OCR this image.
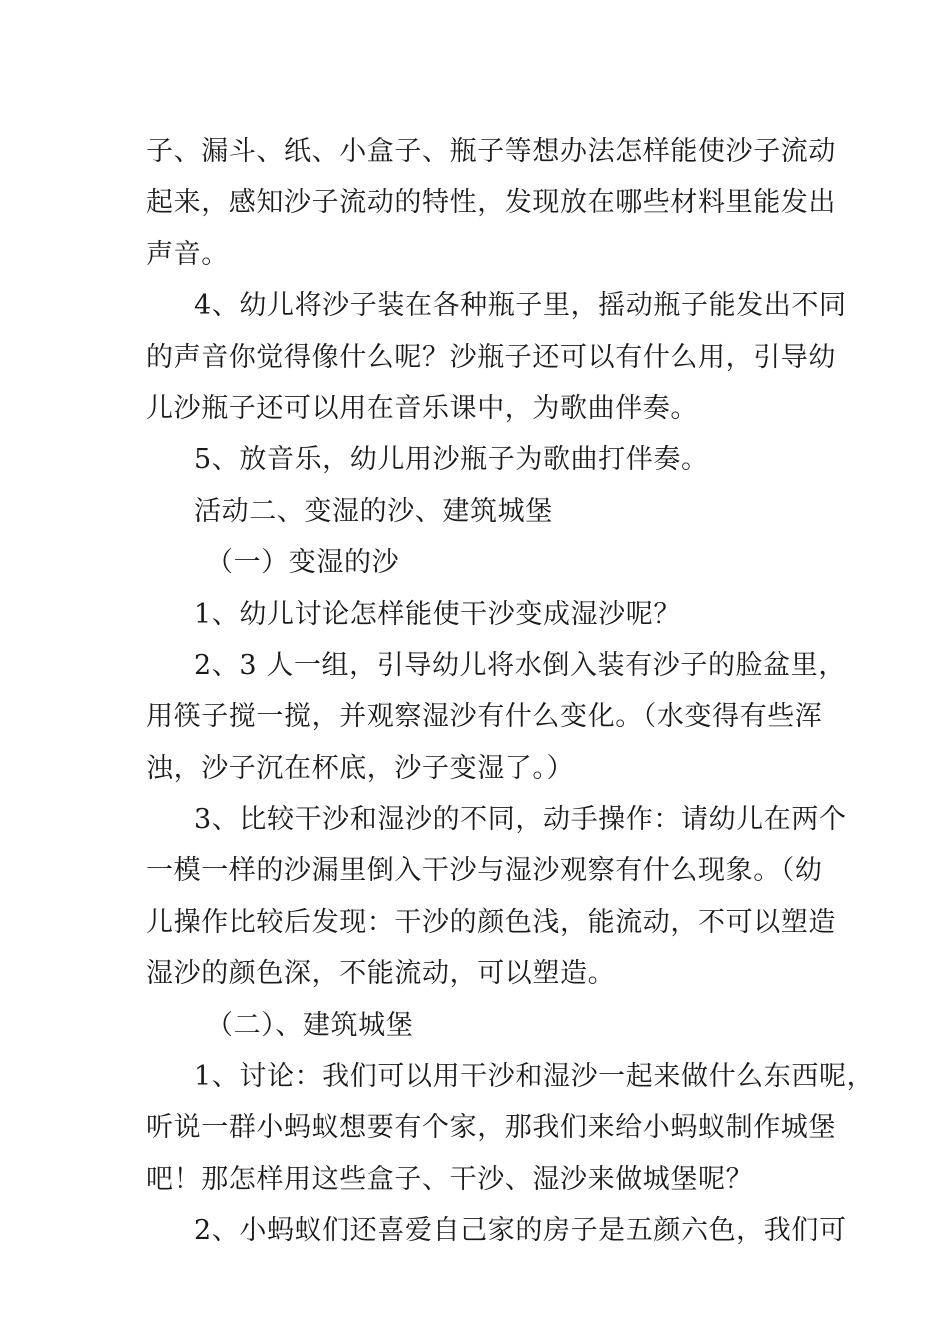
子、漏斗、纸、小盒子、瓶子等想办法怎样能使沙子流动
起来，感知沙子流动的特性，发现放在哪些材料里能发出
声音。
4、幼儿将沙子装在各种瓶子里，摇动瓶子能发出不同
的声音你觉得像什么呢？沙瓶子还可以有什么用，引导幼
儿沙瓶子还可以用在音乐课中，为歌曲伴奏。
5、放音乐，幼儿用沙瓶子为歌曲打伴奏。
活动二、变湿的沙、建筑城堡
（一）变湿的沙
1、幼儿讨论怎样能使干沙变成湿沙呢？
2、3 人一组，引导幼儿将水倒入装有沙子的脸盆里，
用筷子搅一搅，并观察湿沙有什么变化。（水变得有些浑
浊，沙子沉在杯底，沙子变湿了。）
3、比较干沙和湿沙的不同，动手操作：请幼儿在两个
一模一样的沙漏里倒入干沙与湿沙观察有什么现象。（幼
儿操作比较后发现：干沙的颜色浅，能流动，不可以塑造
湿沙的颜色深，不能流动，可以塑造。
（二）、建筑城堡
1、讨论：我们可以用干沙和湿沙一起来做什么东西呢，
听说一群小蚂蚁想要有个家，那我们来给小蚂蚁制作城堡
吧！那怎样用这些盒子、干沙、湿沙来做城堡呢？
2、小蚂蚁们还喜爱自己家的房子是五颜六色，我们可
